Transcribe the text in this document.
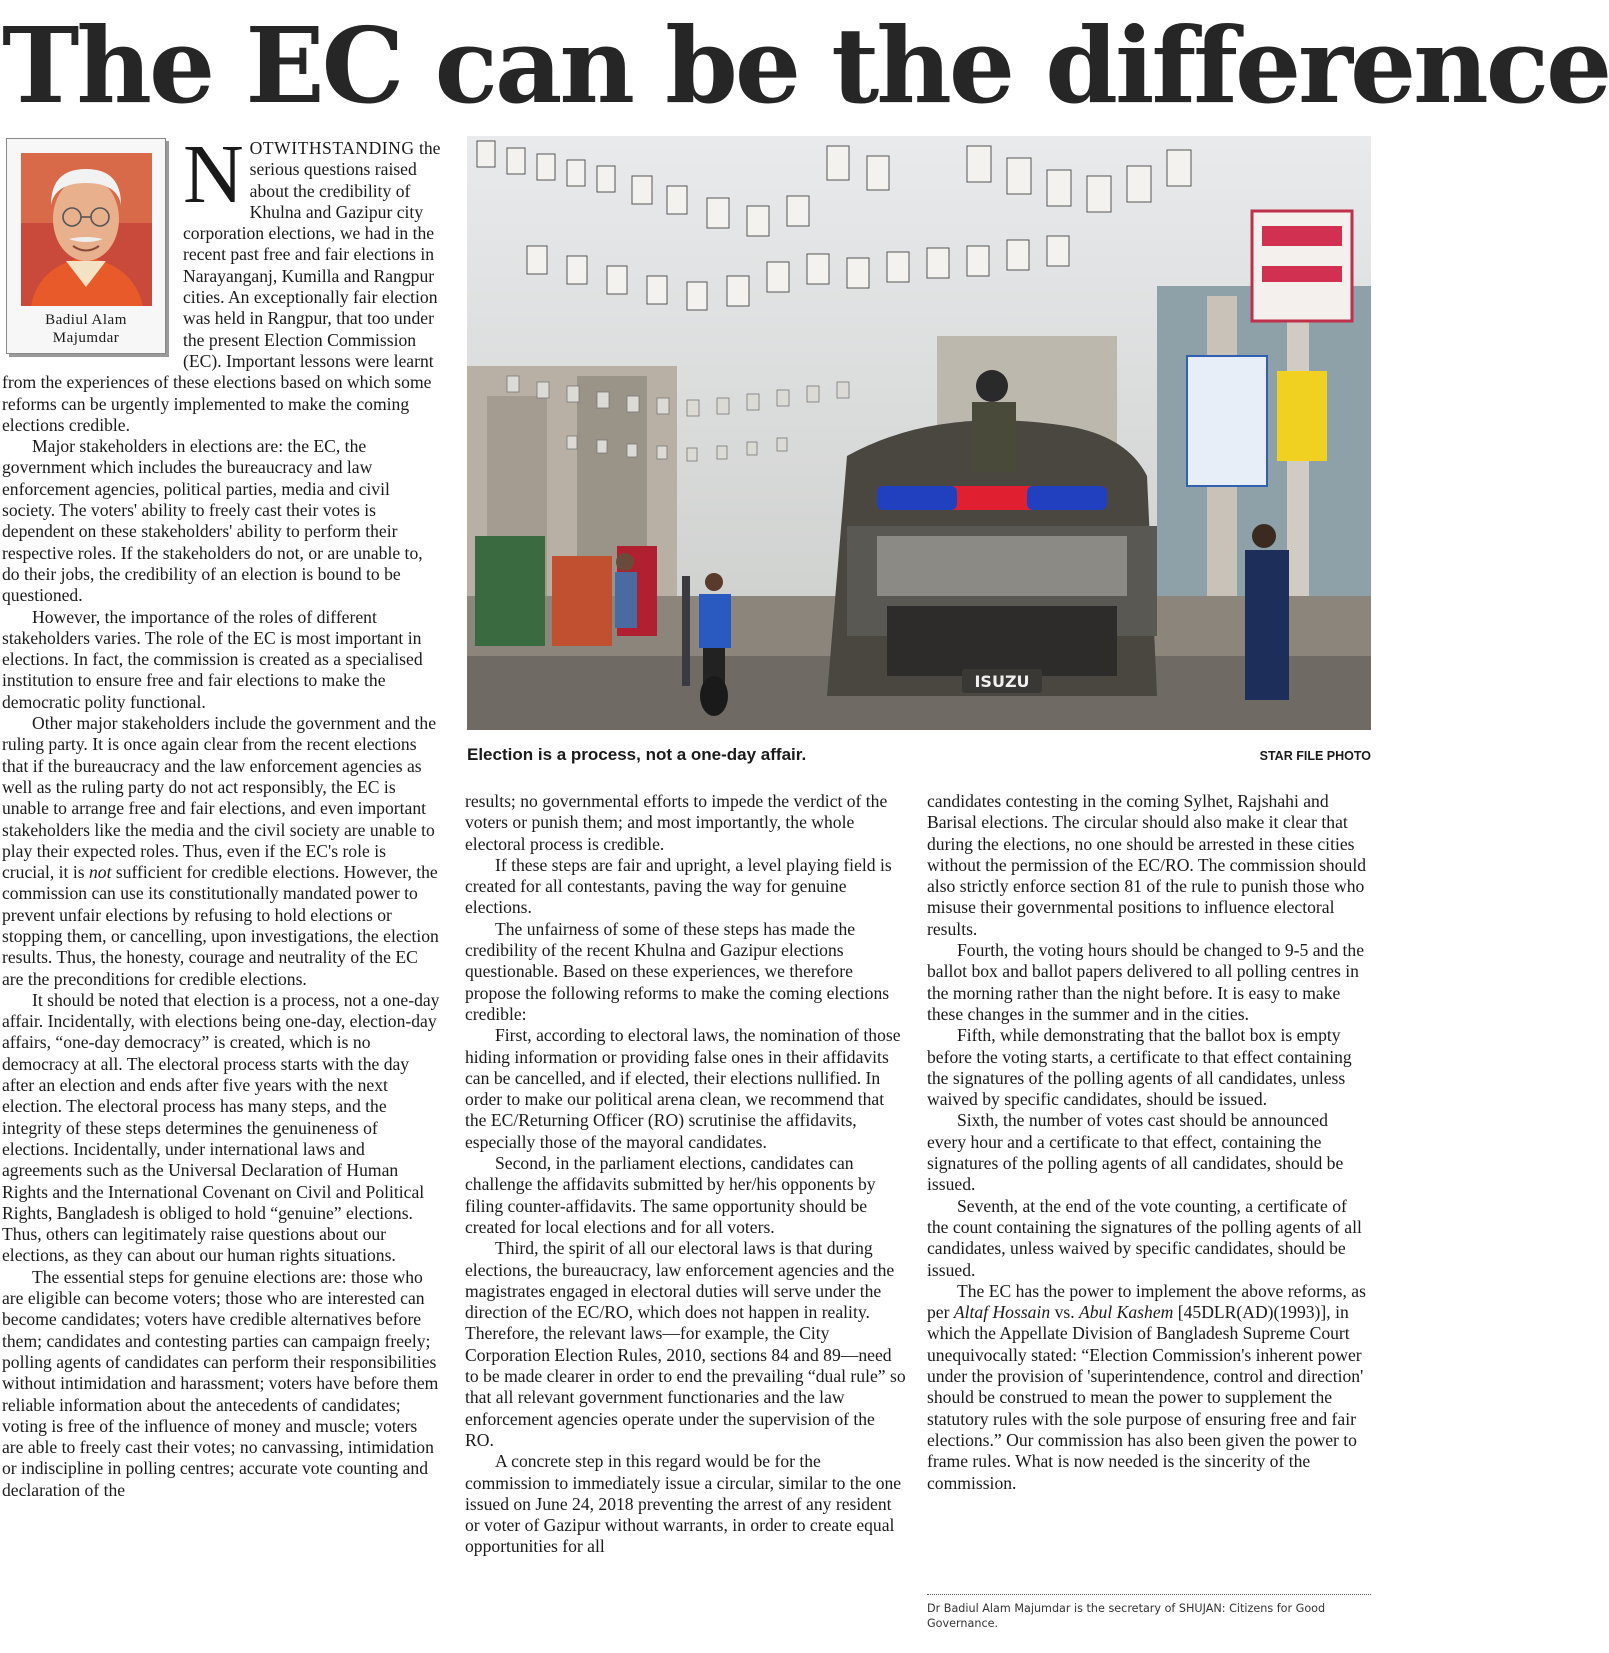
The EC can be the difference
Badiul Alam
Majumdar

NOTWITHSTANDING the serious questions raised about the credibility of Khulna and Gazipur city corporation elections, we had in the recent past free and fair elections in Narayanganj, Kumilla and Rangpur cities. An exceptionally fair election was held in Rangpur, that too under the present Election Commission (EC). Important lessons were learnt from the experiences of these elections based on which some reforms can be urgently implemented to make the coming elections credible.

Major stakeholders in elections are: the EC, the government which includes the bureaucracy and law enforcement agencies, political parties, media and civil society. The voters' ability to freely cast their votes is dependent on these stakeholders' ability to perform their respective roles. If the stakeholders do not, or are unable to, do their jobs, the credibility of an election is bound to be questioned.

However, the importance of the roles of different stakeholders varies. The role of the EC is most important in elections. In fact, the commission is created as a specialised institution to ensure free and fair elections to make the democratic polity functional.

Other major stakeholders include the government and the ruling party. It is once again clear from the recent elections that if the bureaucracy and the law enforcement agencies as well as the ruling party do not act responsibly, the EC is unable to arrange free and fair elections, and even important stakeholders like the media and the civil society are unable to play their expected roles. Thus, even if the EC's role is crucial, it is not sufficient for credible elections. However, the commission can use its constitutionally mandated power to prevent unfair elections by refusing to hold elections or stopping them, or cancelling, upon investigations, the election results. Thus, the honesty, courage and neutrality of the EC are the preconditions for credible elections.

It should be noted that election is a process, not a one-day affair. Incidentally, with elections being one-day, election-day affairs, “one-day democracy” is created, which is no democracy at all. The electoral process starts with the day after an election and ends after five years with the next election. The electoral process has many steps, and the integrity of these steps determines the genuineness of elections. Incidentally, under international laws and agreements such as the Universal Declaration of Human Rights and the International Covenant on Civil and Political Rights, Bangladesh is obliged to hold “genuine” elections. Thus, others can legitimately raise questions about our elections, as they can about our human rights situations.

The essential steps for genuine elections are: those who are eligible can become voters; those who are interested can become candidates; voters have credible alternatives before them; candidates and contesting parties can campaign freely; polling agents of candidates can perform their responsibilities without intimidation and harassment; voters have before them reliable information about the antecedents of candidates; voting is free of the influence of money and muscle; voters are able to freely cast their votes; no canvassing, intimidation or indiscipline in polling centres; accurate vote counting and declaration of the

ISUZU
Election is a process, not a one-day affair.	STAR FILE PHOTO

results; no governmental efforts to impede the verdict of the voters or punish them; and most importantly, the whole electoral process is credible.

If these steps are fair and upright, a level playing field is created for all contestants, paving the way for genuine elections.

The unfairness of some of these steps has made the credibility of the recent Khulna and Gazipur elections questionable. Based on these experiences, we therefore propose the following reforms to make the coming elections credible:

First, according to electoral laws, the nomination of those hiding information or providing false ones in their affidavits can be cancelled, and if elected, their elections nullified. In order to make our political arena clean, we recommend that the EC/Returning Officer (RO) scrutinise the affidavits, especially those of the mayoral candidates.

Second, in the parliament elections, candidates can challenge the affidavits submitted by her/his opponents by filing counter-affidavits. The same opportunity should be created for local elections and for all voters.

Third, the spirit of all our electoral laws is that during elections, the bureaucracy, law enforcement agencies and the magistrates engaged in electoral duties will serve under the direction of the EC/RO, which does not happen in reality. Therefore, the relevant laws—for example, the City Corporation Election Rules, 2010, sections 84 and 89—need to be made clearer in order to end the prevailing “dual rule” so that all relevant government functionaries and the law enforcement agencies operate under the supervision of the RO.

A concrete step in this regard would be for the commission to immediately issue a circular, similar to the one issued on June 24, 2018 preventing the arrest of any resident or voter of Gazipur without warrants, in order to create equal opportunities for all

candidates contesting in the coming Sylhet, Rajshahi and Barisal elections. The circular should also make it clear that during the elections, no one should be arrested in these cities without the permission of the EC/RO. The commission should also strictly enforce section 81 of the rule to punish those who misuse their governmental positions to influence electoral results.

Fourth, the voting hours should be changed to 9-5 and the ballot box and ballot papers delivered to all polling centres in the morning rather than the night before. It is easy to make these changes in the summer and in the cities.

Fifth, while demonstrating that the ballot box is empty before the voting starts, a certificate to that effect containing the signatures of the polling agents of all candidates, unless waived by specific candidates, should be issued.

Sixth, the number of votes cast should be announced every hour and a certificate to that effect, containing the signatures of the polling agents of all candidates, should be issued.

Seventh, at the end of the vote counting, a certificate of the count containing the signatures of the polling agents of all candidates, unless waived by specific candidates, should be issued.

The EC has the power to implement the above reforms, as per Altaf Hossain vs. Abul Kashem [45DLR(AD)(1993)], in which the Appellate Division of Bangladesh Supreme Court unequivocally stated: “Election Commission's inherent power under the provision of 'superintendence, control and direction' should be construed to mean the power to supplement the statutory rules with the sole purpose of ensuring free and fair elections.” Our commission has also been given the power to frame rules. What is now needed is the sincerity of the commission.

Dr Badiul Alam Majumdar is the secretary of SHUJAN: Citizens for Good Governance.
